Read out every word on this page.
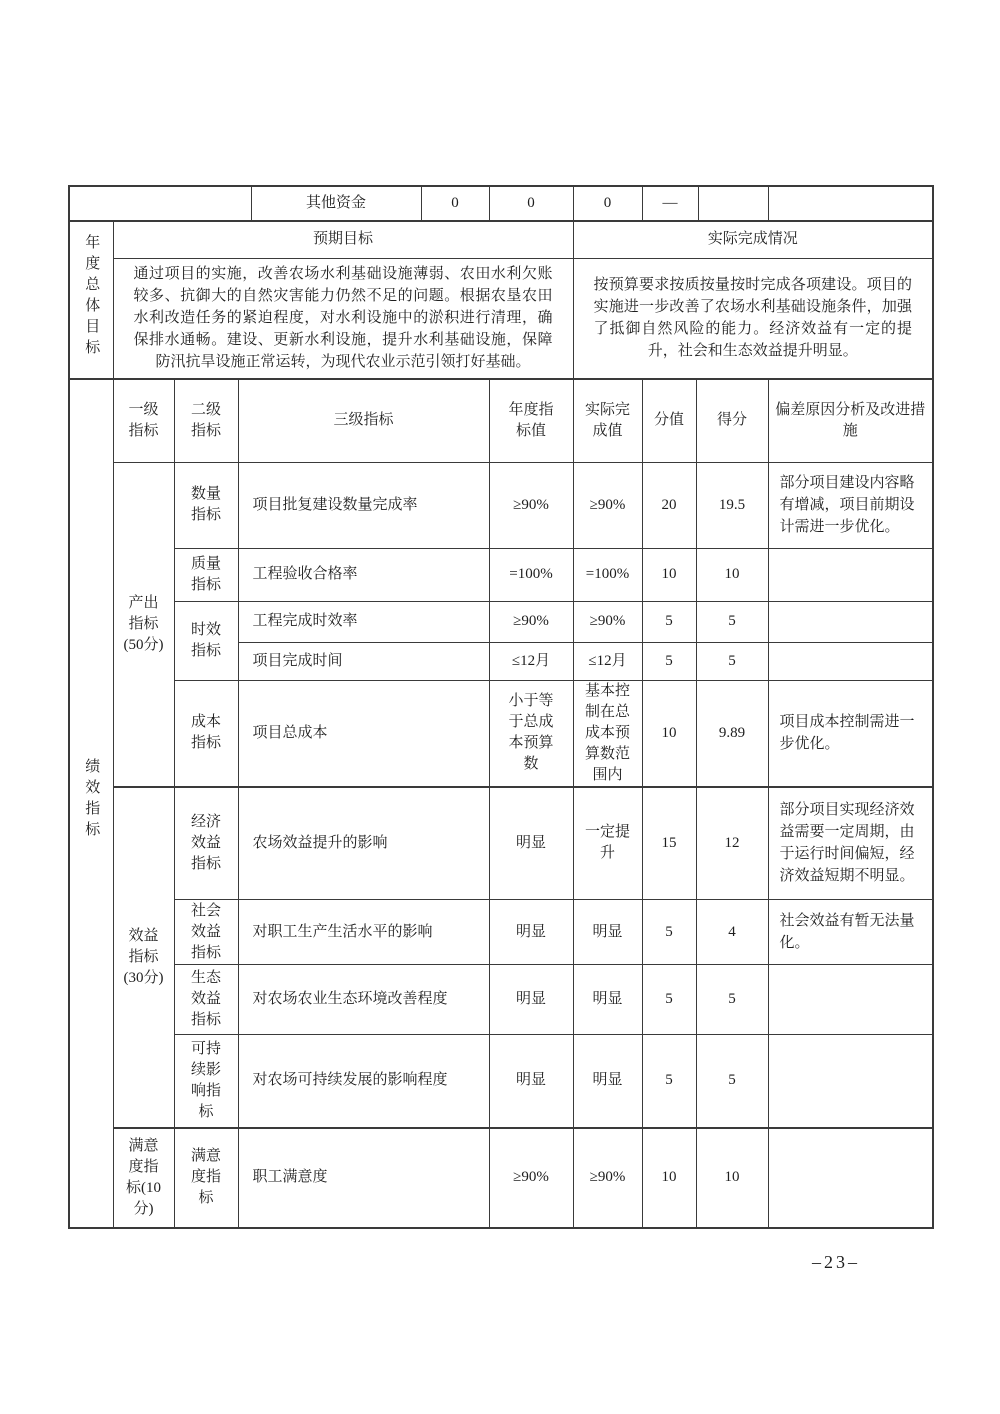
	其他资金	0	0	0	—		
年度总体目标	预期目标				实际完成情况			
	通过项目的实施，改善农场水利基础设施薄弱、农田水利欠账较多、抗御大的自然灾害能力仍然不足的问题。根据农垦农田水利改造任务的紧迫程度，对水利设施中的淤积进行清理，确保排水通畅。建设、更新水利设施，提升水利基础设施，保障防汛抗旱设施正常运转，为现代农业示范引领打好基础。				按预算要求按质按量按时完成各项建设。项目的实施进一步改善了农场水利基础设施条件，加强了抵御自然风险的能力。经济效益有一定的提升，社会和生态效益提升明显。			
绩效指标	一级指标	二级指标	三级指标	年度指标值	实际完成值	分值	得分	偏差原因分析及改进措施
	产出指标(50分)	数量指标	项目批复建设数量完成率	≥90%	≥90%	20	19.5	部分项目建设内容略有增减，项目前期设计需进一步优化。
		质量指标	工程验收合格率	=100%	=100%	10	10	
		时效指标	工程完成时效率	≥90%	≥90%	5	5	
			项目完成时间	≤12月	≤12月	5	5	
		成本指标	项目总成本	小于等于总成本预算数	基本控制在总成本预算数范围内	10	9.89	项目成本控制需进一步优化。
	效益指标(30分)	经济效益指标	农场效益提升的影响	明显	一定提升	15	12	部分项目实现经济效益需要一定周期，由于运行时间偏短，经济效益短期不明显。
		社会效益指标	对职工生产生活水平的影响	明显	明显	5	4	社会效益有暂无法量化。
		生态效益指标	对农场农业生态环境改善程度	明显	明显	5	5	
		可持续影响指标	对农场可持续发展的影响程度	明显	明显	5	5	
	满意度指标(10分)	满意度指标	职工满意度	≥90%	≥90%	10	10	
–23–
